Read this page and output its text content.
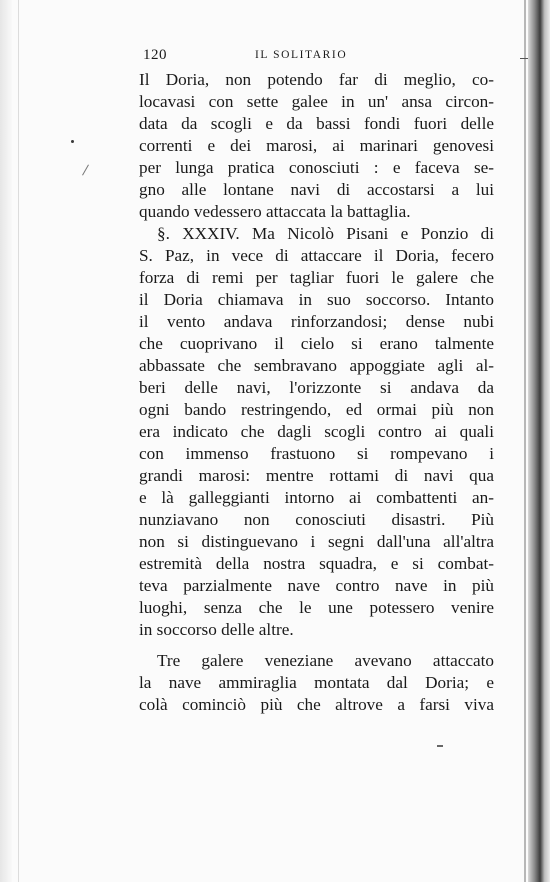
120	IL SOLITARIO
Il Doria, non potendo far di meglio, co-
locavasi con sette galee in un' ansa circon-
data da scogli e da bassi fondi fuori delle
correnti e dei marosi, ai marinari genovesi
per lunga pratica conosciuti : e faceva se-
gno alle lontane navi di accostarsi a lui
quando vedessero attaccata la battaglia.
§. XXXIV. Ma Nicolò Pisani e Ponzio di
S. Paz, in vece di attaccare il Doria, fecero
forza di remi per tagliar fuori le galere che
il Doria chiamava in suo soccorso. Intanto
il vento andava rinforzandosi; dense nubi
che cuoprivano il cielo si erano talmente
abbassate che sembravano appoggiate agli al-
beri delle navi, l'orizzonte si andava da
ogni bando restringendo, ed ormai più non
era indicato che dagli scogli contro ai quali
con immenso frastuono si rompevano i
grandi marosi: mentre rottami di navi qua
e là galleggianti intorno ai combattenti an-
nunziavano non conosciuti disastri. Più
non si distinguevano i segni dall'una all'altra
estremità della nostra squadra, e si combat-
teva parzialmente nave contro nave in più
luoghi, senza che le une potessero venire
in soccorso delle altre.
Tre galere veneziane avevano attaccato
la nave ammiraglia montata dal Doria; e
colà cominciò più che altrove a farsi viva
